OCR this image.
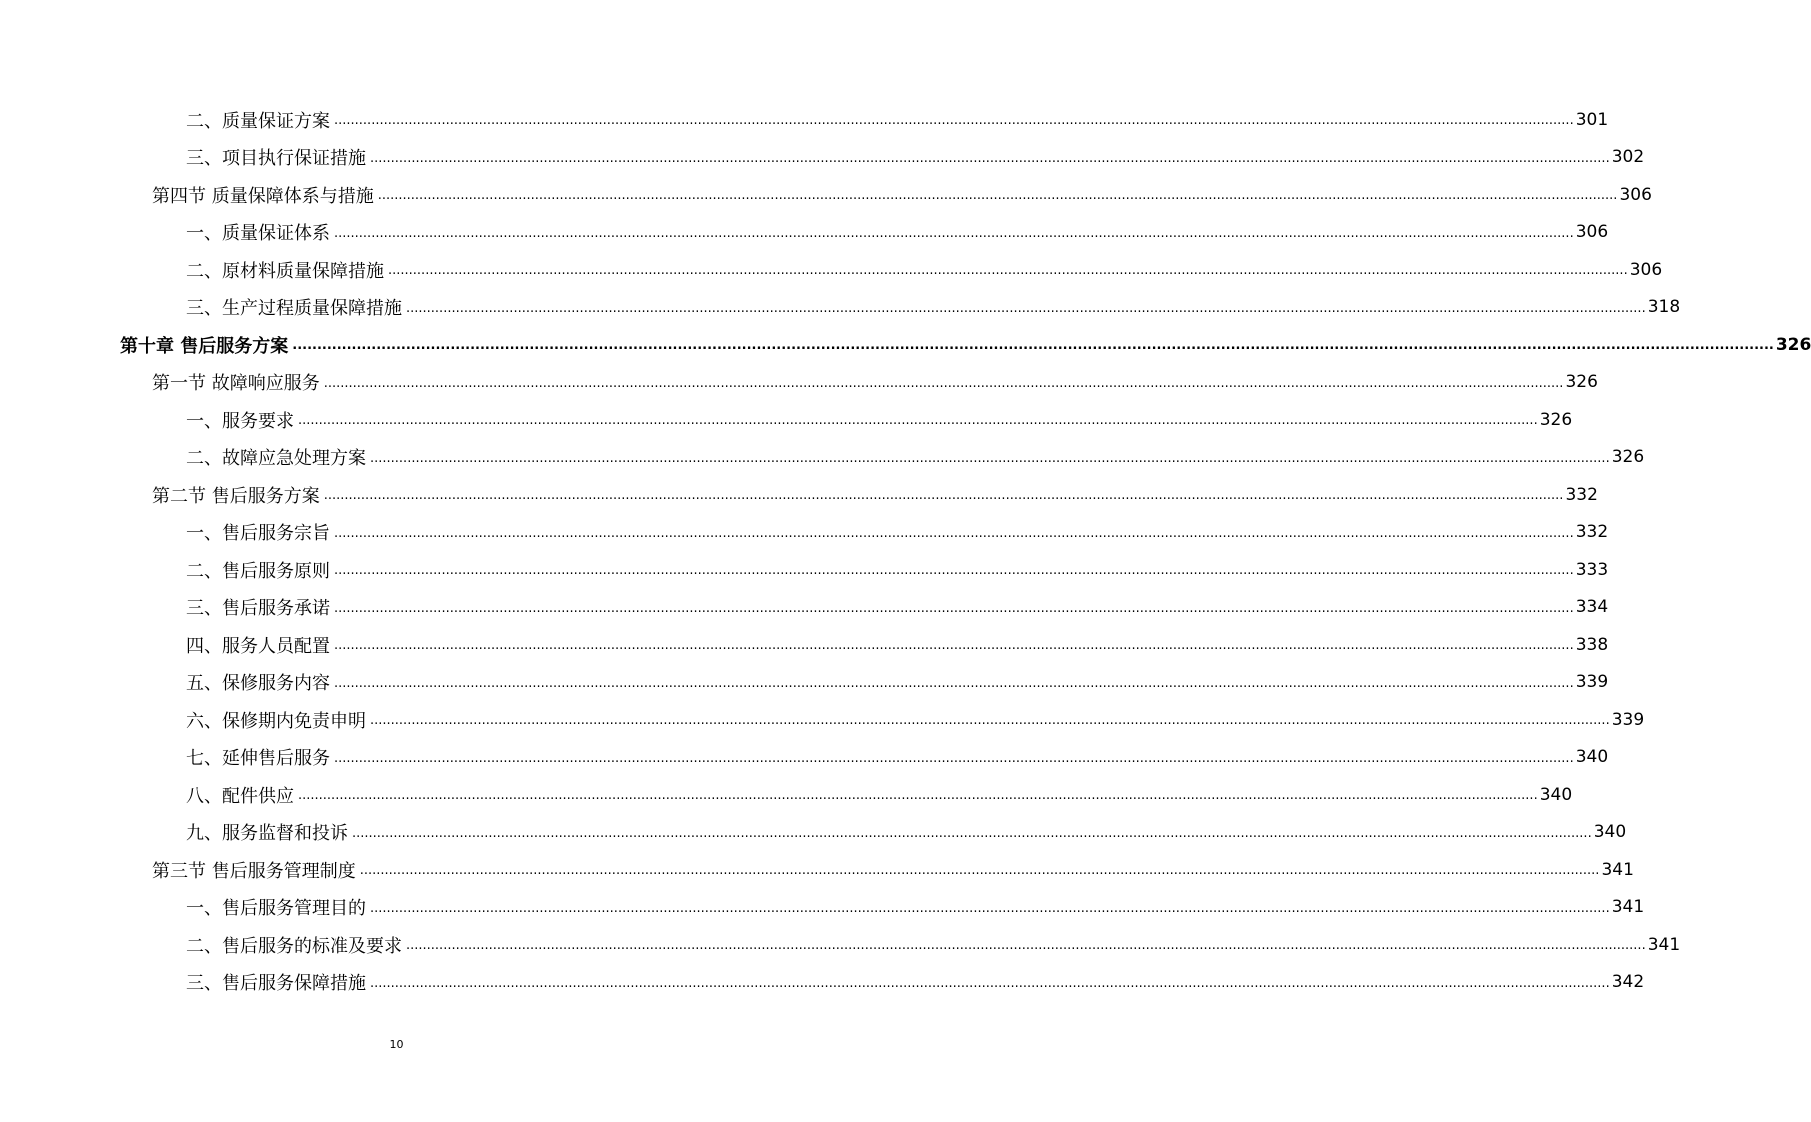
二、质量保证方案 ............................................................................................................................................................................................................................................................................................................ 301
三、项目执行保证措施 ............................................................................................................................................................................................................................................................................................................ 302
第四节 质量保障体系与措施 ............................................................................................................................................................................................................................................................................................................ 306
一、质量保证体系 ............................................................................................................................................................................................................................................................................................................ 306
二、原材料质量保障措施 ............................................................................................................................................................................................................................................................................................................ 306
三、生产过程质量保障措施 ............................................................................................................................................................................................................................................................................................................ 318
第十章 售后服务方案 ............................................................................................................................................................................................................................................................................................................ 326
第一节 故障响应服务 ............................................................................................................................................................................................................................................................................................................ 326
一、服务要求 ............................................................................................................................................................................................................................................................................................................ 326
二、故障应急处理方案 ............................................................................................................................................................................................................................................................................................................ 326
第二节 售后服务方案 ............................................................................................................................................................................................................................................................................................................ 332
一、售后服务宗旨 ............................................................................................................................................................................................................................................................................................................ 332
二、售后服务原则 ............................................................................................................................................................................................................................................................................................................ 333
三、售后服务承诺 ............................................................................................................................................................................................................................................................................................................ 334
四、服务人员配置 ............................................................................................................................................................................................................................................................................................................ 338
五、保修服务内容 ............................................................................................................................................................................................................................................................................................................ 339
六、保修期内免责申明 ............................................................................................................................................................................................................................................................................................................ 339
七、延伸售后服务 ............................................................................................................................................................................................................................................................................................................ 340
八、配件供应 ............................................................................................................................................................................................................................................................................................................ 340
九、服务监督和投诉 ............................................................................................................................................................................................................................................................................................................ 340
第三节 售后服务管理制度 ............................................................................................................................................................................................................................................................................................................ 341
一、售后服务管理目的 ............................................................................................................................................................................................................................................................................................................ 341
二、售后服务的标准及要求 ............................................................................................................................................................................................................................................................................................................ 341
三、售后服务保障措施 ............................................................................................................................................................................................................................................................................................................ 342
10
